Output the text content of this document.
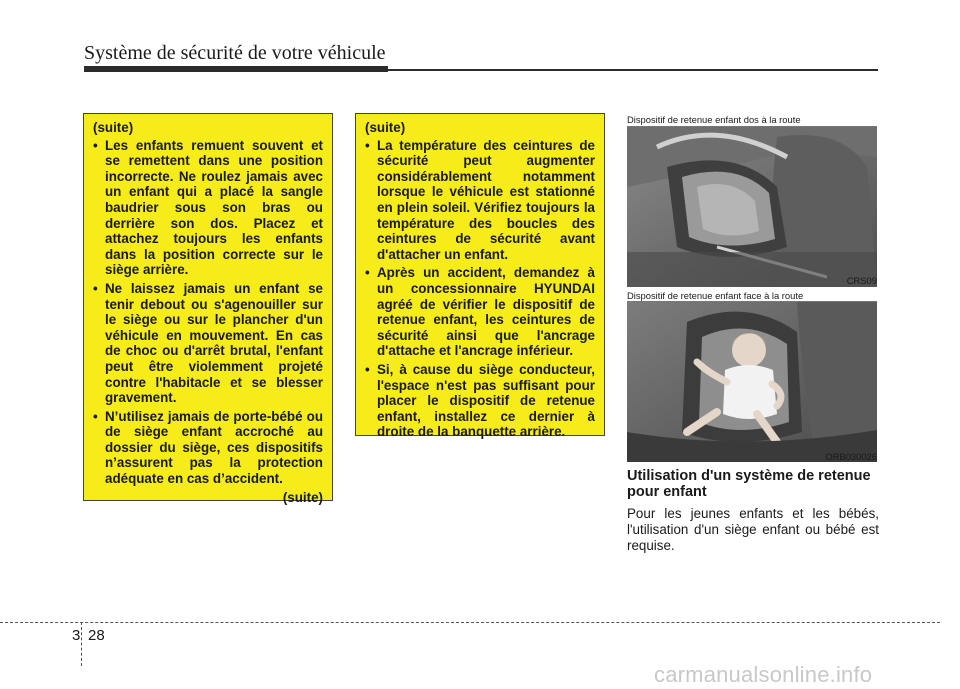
Système de sécurité de votre véhicule
(suite)
• Les enfants remuent souvent et se remettent dans une position incorrecte. Ne roulez jamais avec un enfant qui a placé la sangle baudrier sous son bras ou derrière son dos. Placez et attachez toujours les enfants dans la position correcte sur le siège arrière.
• Ne laissez jamais un enfant se tenir debout ou s'agenouiller sur le siège ou sur le plancher d'un véhicule en mouvement. En cas de choc ou d'arrêt brutal, l'enfant peut être violemment projeté contre l'habitacle et se blesser gravement.
• N’utilisez jamais de porte-bébé ou de siège enfant accroché au dossier du siège, ces dispositifs n’assurent pas la protection adéquate en cas d’accident.
(suite)
(suite)
• La température des ceintures de sécurité peut augmenter considérablement notamment lorsque le véhicule est stationné en plein soleil. Vérifiez toujours la température des boucles des ceintures de sécurité avant d'attacher un enfant.
• Après un accident, demandez à un concessionnaire HYUNDAI agréé de vérifier le dispositif de retenue enfant, les ceintures de sécurité ainsi que l'ancrage d'attache et l'ancrage inférieur.
• Si, à cause du siège conducteur, l'espace n'est pas suffisant pour placer le dispositif de retenue enfant, installez ce dernier à droite de la banquette arrière.
Dispositif de retenue enfant dos à la route
CRS09
Dispositif de retenue enfant face à la route
ORB030026
Utilisation d'un système de retenue pour enfant
Pour les jeunes enfants et les bébés, l'utilisation d'un siège enfant ou bébé est requise.
3 28
carmanualsonline.info
